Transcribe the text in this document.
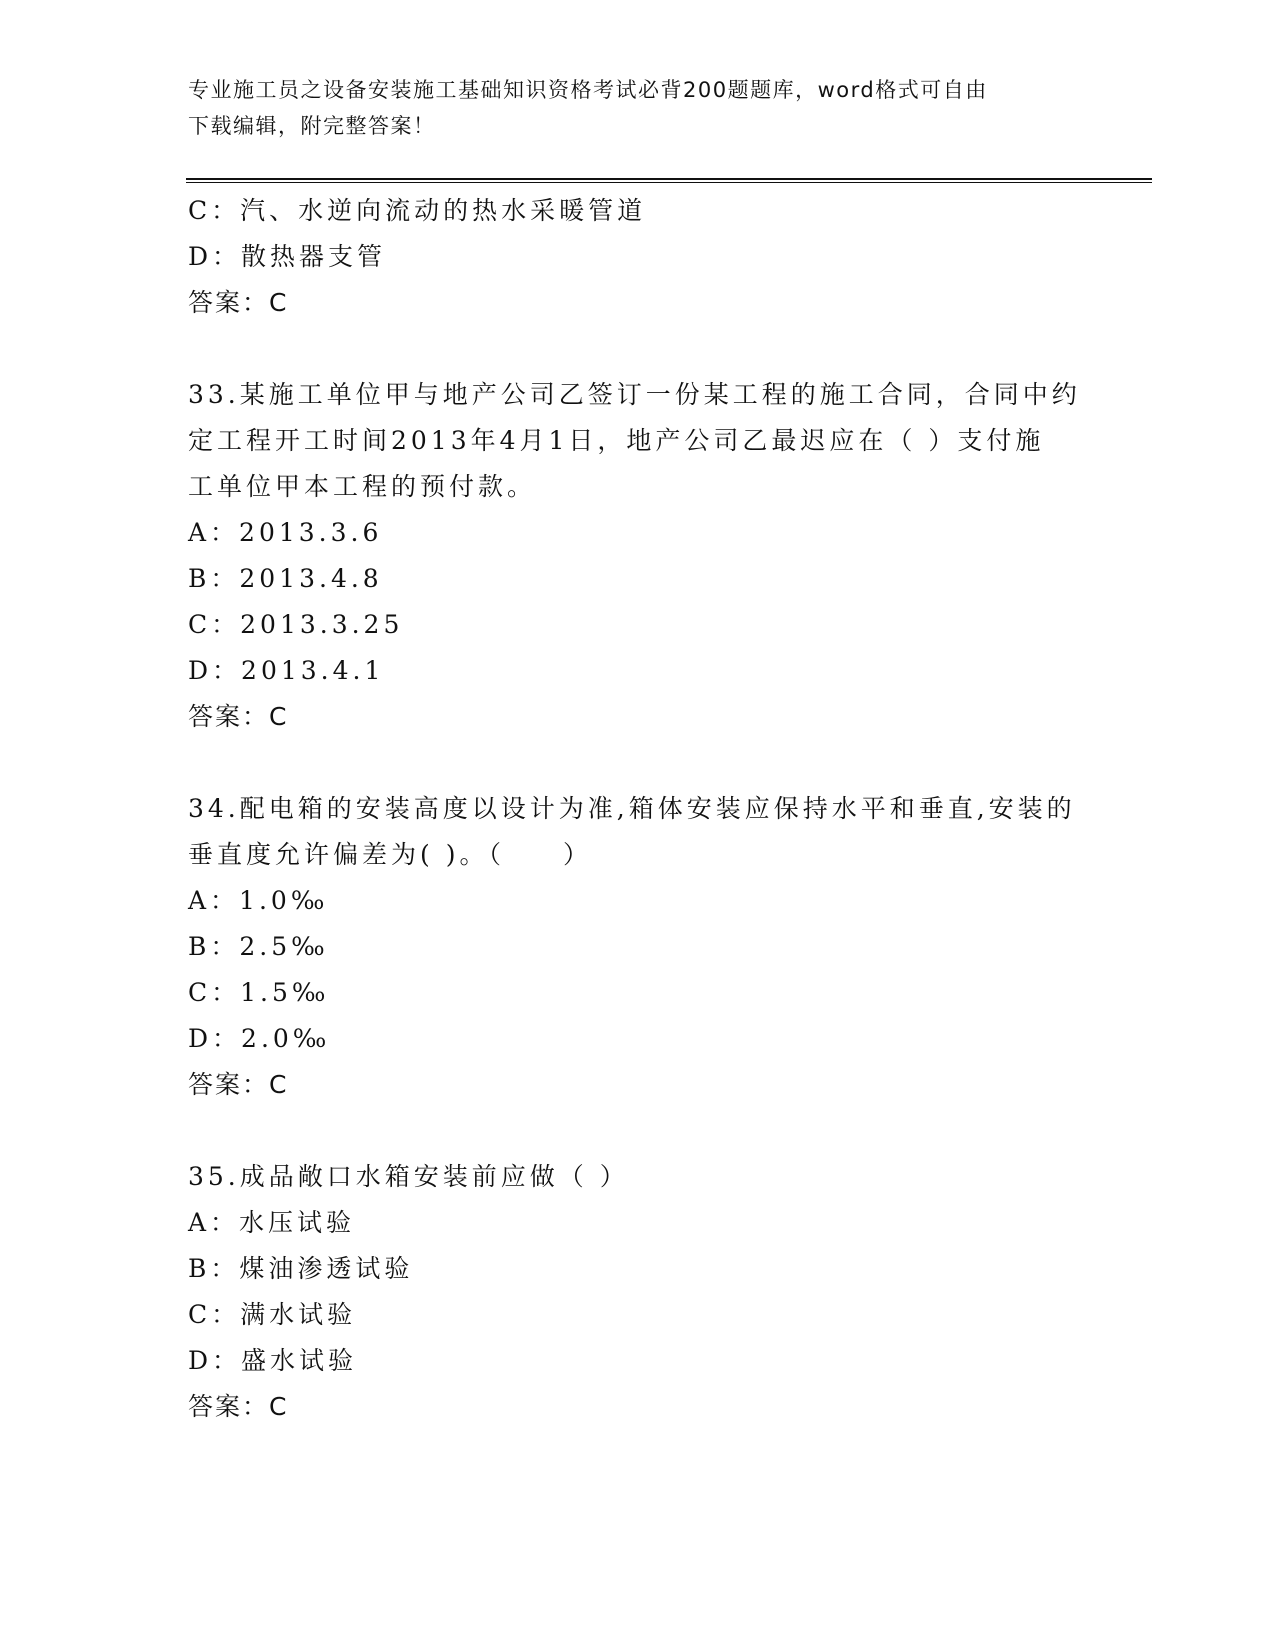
专业施工员之设备安装施工基础知识资格考试必背200题题库，word格式可自由
下载编辑，附完整答案！
C：汽、水逆向流动的热水采暖管道
D：散热器支管
答案：C
33.某施工单位甲与地产公司乙签订一份某工程的施工合同，合同中约
定工程开工时间2013年4月1日，地产公司乙最迟应在（ ）支付施
工单位甲本工程的预付款。
A：2013.3.6
B：2013.4.8
C：2013.3.25
D：2013.4.1
答案：C
34.配电箱的安装高度以设计为准,箱体安装应保持水平和垂直,安装的
垂直度允许偏差为( )。（　　）
A：1.0‰
B：2.5‰
C：1.5‰
D：2.0‰
答案：C
35.成品敞口水箱安装前应做（ ）
A：水压试验
B：煤油渗透试验
C：满水试验
D：盛水试验
答案：C
